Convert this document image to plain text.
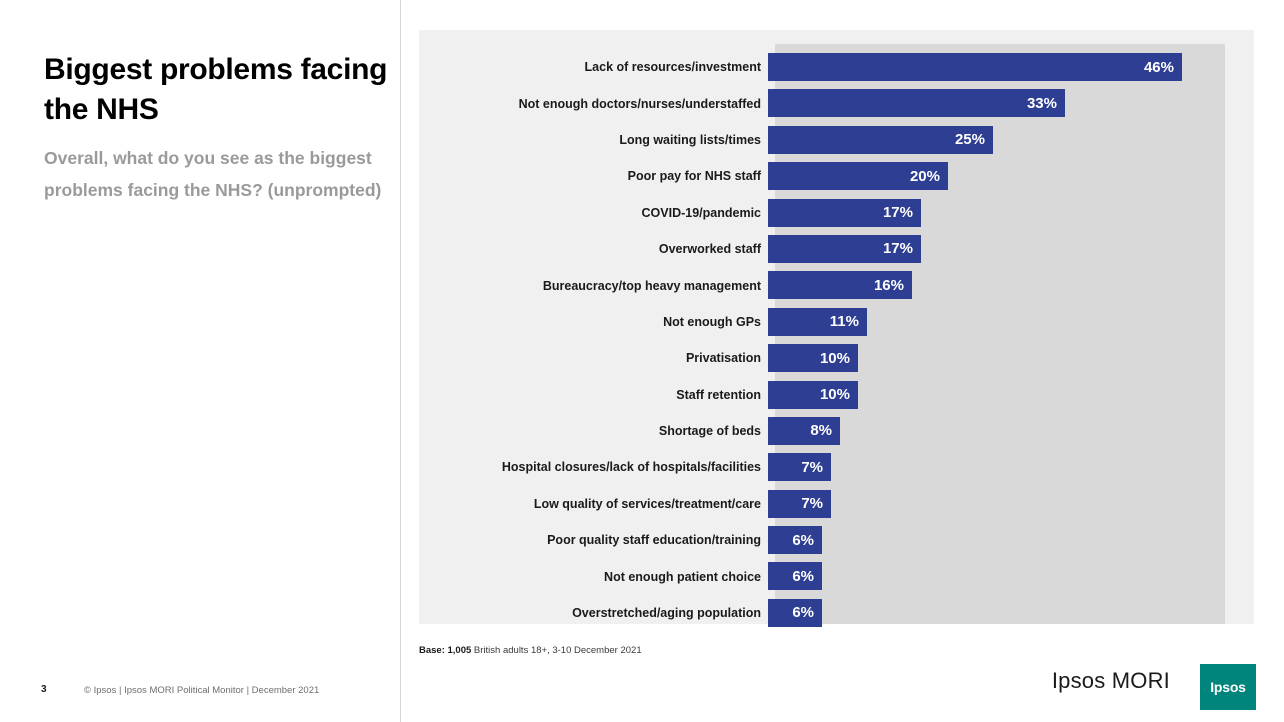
Biggest problems facing the NHS
Overall, what do you see as the biggest problems facing the NHS? (unprompted)
Lack of resources/investment	46%
Not enough doctors/nurses/understaffed	33%
Long waiting lists/times	25%
Poor pay for NHS staff	20%
COVID-19/pandemic	17%
Overworked staff	17%
Bureaucracy/top heavy management	16%
Not enough GPs	11%
Privatisation	10%
Staff retention	10%
Shortage of beds	8%
Hospital closures/lack of hospitals/facilities	7%
Low quality of services/treatment/care	7%
Poor quality staff education/training	6%
Not enough patient choice	6%
Overstretched/aging population	6%
Base: 1,005 British adults 18+, 3-10 December 2021
3	© Ipsos | Ipsos MORI Political Monitor | December 2021	Ipsos MORI	Ipsos
